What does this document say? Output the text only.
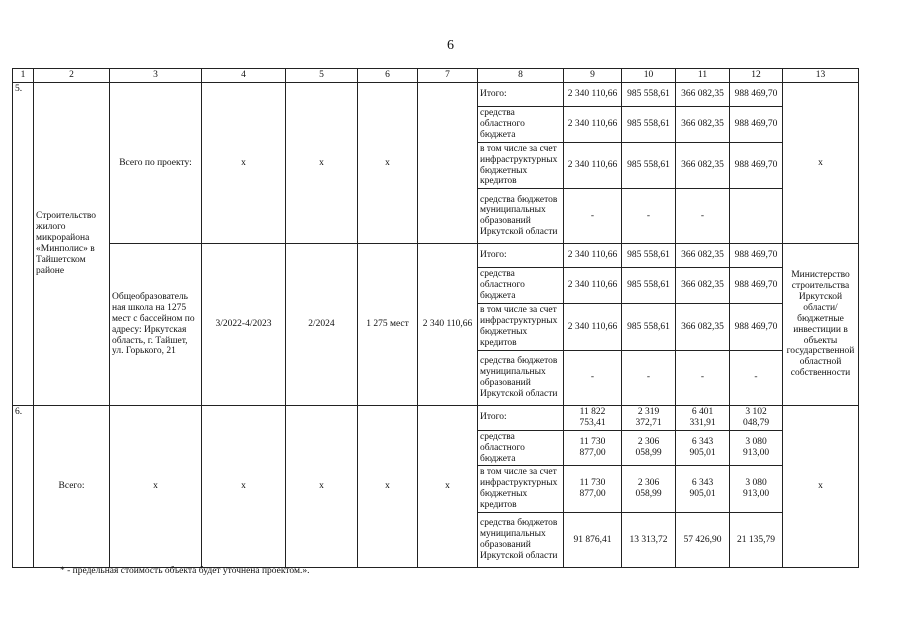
6
1	2	3	4	5	6	7	8	9	10	11	12	13
5.	Строительство жилого микрорайона «Минполис» в Тайшетском районе	Всего по проекту:	x	x	x		Итого:	2 340 110,66	985 558,61	366 082,35	988 469,70	x
							средства областного бюджета	2 340 110,66	985 558,61	366 082,35	988 469,70	
							в том числе за счет инфраструктурных бюджетных кредитов	2 340 110,66	985 558,61	366 082,35	988 469,70	
							средства бюджетов муниципальных образований Иркутской области	-	-	-		
		Общеобразователь ная школа на 1275 мест с бассейном по адресу: Иркутская область, г. Тайшет, ул. Горького, 21	3/2022-4/2023	2/2024	1 275 мест	2 340 110,66	Итого:	2 340 110,66	985 558,61	366 082,35	988 469,70	Министерство строительства Иркутской области/ бюджетные инвестиции в объекты государственной областной собственности
							средства областного бюджета	2 340 110,66	985 558,61	366 082,35	988 469,70	
							в том числе за счет инфраструктурных бюджетных кредитов	2 340 110,66	985 558,61	366 082,35	988 469,70	
							средства бюджетов муниципальных образований Иркутской области	-	-	-	-	
6.	Всего:	x	x	x	x	x	Итого:	11 822 753,41	2 319 372,71	6 401 331,91	3 102 048,79	x
							средства областного бюджета	11 730 877,00	2 306 058,99	6 343 905,01	3 080 913,00	
							в том числе за счет инфраструктурных бюджетных кредитов	11 730 877,00	2 306 058,99	6 343 905,01	3 080 913,00	
							средства бюджетов муниципальных образований Иркутской области	91 876,41	13 313,72	57 426,90	21 135,79	
* - предельная стоимость объекта будет уточнена проектом.».
